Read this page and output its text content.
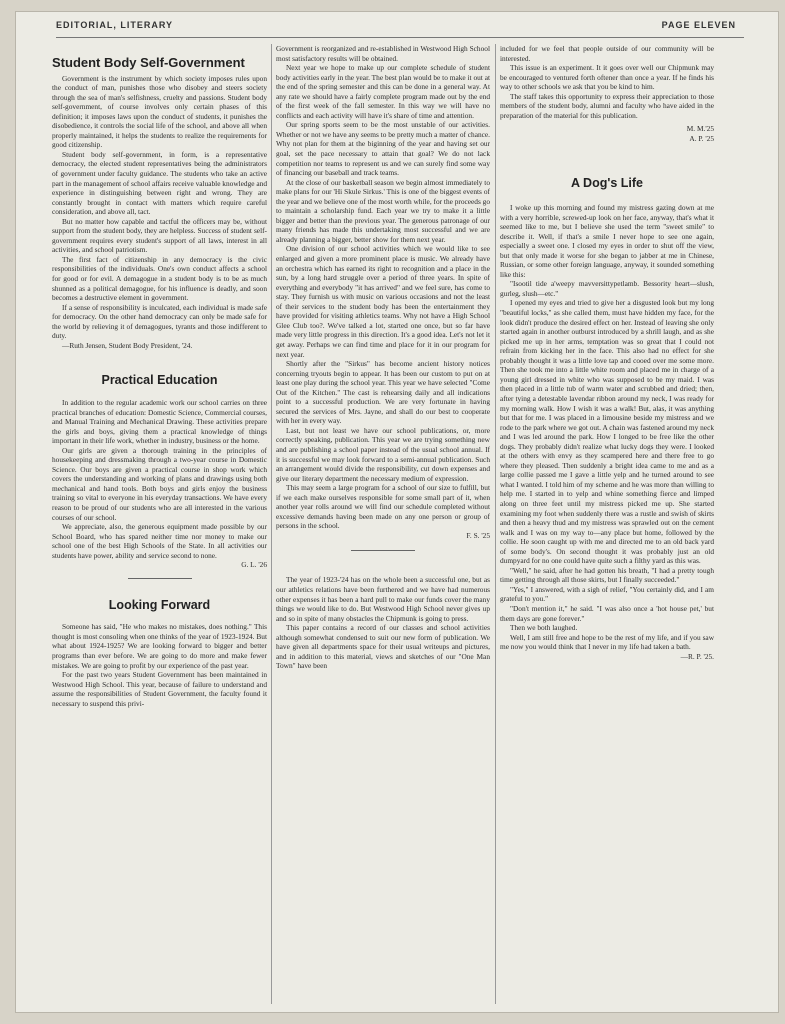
EDITORIAL, LITERARY	PAGE ELEVEN
Student Body Self-Government

Government is the instrument by which society imposes rules upon the conduct of man, punishes those who disobey and steers society through the sea of man's selfishness, cruelty and passions. Student body self-government, of course involves only certain phases of this definition; it imposes laws upon the conduct of students, it punishes the disobedience, it controls the social life of the school, and above all when properly maintained, it helps the students to realize the requirements for good citizenship.

Student body self-government, in form, is a representative democracy, the elected student representatives being the administrators of government under faculty guidance. The students who take an active part in the management of school affairs receive valuable knowledge and experience in distinguishing between right and wrong. They are constantly brought in contact with matters which require careful consideration, and above all, tact.

But no matter how capable and tactful the officers may be, without support from the student body, they are helpless. Success of student self-government requires every student's support of all laws, interest in all activities, and school patriotism.

The first fact of citizenship in any democracy is the civic responsibilities of the individuals. One's own conduct affects a school for good or for evil. A demagogue in a student body is to be as much shunned as a political demagogue, for his influence is deadly, and soon becomes a destructive element in government.

If a sense of responsibility is inculcated, each individual is made safe for democracy. On the other hand democracy can only be made safe for the world by relieving it of demagogues, tyrants and those indifferent to duty.

—Ruth Jensen, Student Body President, '24.

Practical Education

In addition to the regular academic work our school carries on three practical branches of education: Domestic Science, Commercial courses, and Manual Training and Mechanical Drawing. These activities prepare the girls and boys, giving them a practical knowledge of things important in their life work, whether in industry, business or the home.

Our girls are given a thorough training in the principles of housekeeping and dressmaking through a two-year course in Domestic Science. Our boys are given a practical course in shop work which covers the understanding and working of plans and drawings using both mechanical and hand tools. Both boys and girls enjoy the business training so vital to everyone in his everyday transactions. We have every reason to be proud of our students who are all interested in the various courses of our school.

We appreciate, also, the generous equipment made possible by our School Board, who has spared neither time nor money to make our school one of the best High Schools of the State. In all activities our students have power, ability and service second to none.

G. L. '26

Looking Forward

Someone has said, "He who makes no mistakes, does nothing." This thought is most consoling when one thinks of the year of 1923-1924. But what about 1924-1925? We are looking forward to bigger and better programs than ever before. We are going to do more and make fewer mistakes. We are going to profit by our experience of the past year.

For the past two years Student Government has been maintained in Westwood High School. This year, because of failure to understand and assume the responsibilities of Student Government, the faculty found it necessary to suspend this privi-

Government is reorganized and re-established in Westwood High School most satisfactory results will be obtained.

Next year we hope to make up our complete schedule of student body activities early in the year. The best plan would be to make it out at the end of the spring semester and this can be done in a general way. At any rate we should have a fairly complete program made out by the end of the first week of the fall semester. In this way we will have no conflicts and each activity will have it's share of time and attention.

Our spring sports seem to be the most unstable of our activities. Whether or not we have any seems to be pretty much a matter of chance. Why not plan for them at the biginning of the year and having set our goal, set the pace necessary to attain that goal? We do not lack competition nor teams to represent us and we can surely find some way of financing our baseball and track teams.

At the close of our basketball season we begin almost immediately to make plans for our 'Hi Skule Sirkus.' This is one of the biggest events of the year and we believe one of the most worth while, for the proceeds go to maintain a scholarship fund. Each year we try to make it a little bigger and better than the previous year. The generous patronage of our many friends has made this undertaking most successful and we are already planning a bigger, better show for them next year.

One division of our school activities which we would like to see enlarged and given a more prominent place is music. We already have an orchestra which has earned its right to recognition and a place in the sun, by a long hard struggle over a period of three years. In spite of everything and everybody "it has arrived" and we feel sure, has come to stay. They furnish us with music on various occasions and not the least of their services to the student body has been the entertainment they have provided for visiting athletics teams. Why not have a High School Glee Club too?. We've talked a lot, started one once, but so far have made very little progress in this direction. It's a good idea. Let's not let it get away. Perhaps we can find time and place for it in our program for next year.

Shortly after the "Sirkus" has become ancient history notices concerning tryouts begin to appear. It has been our custom to put on at least one play during the school year. This year we have selected "Come Out of the Kitchen." The cast is rehearsing daily and all indications point to a successful production. We are very fortunate in having secured the services of Mrs. Jayne, and shall do our best to cooperate with her in every way.

Last, but not least we have our school publications, or, more correctly speaking, publication. This year we are trying something new and are publishing a school paper instead of the usual school annual. If it is successful we may look forward to a semi-annual publication. Such an arrangement would divide the responsibility, cut down expenses and give our literary department the necessary medium of expression.

This may seem a large program for a school of our size to fulfill, but if we each make ourselves responsible for some small part of it, when another year rolls around we will find our schedule completed without excessive demands having been made on any one person or group of persons in the school.

F. S. '25

The year of 1923-'24 has on the whole been a successful one, but as our athletics relations have been furthered and we have had numerous other expenses it has been a hard pull to make our funds cover the many things we would like to do. But Westwood High School never gives up and so in spite of many obstacles the Chipmunk is going to press.

This paper contains a record of our classes and school activities although somewhat condensed to suit our new form of publication. We have given all departments space for their usual writeups and pictures, and in addition to this material, views and sketches of our "One Man Town" have been

included for we feel that people outside of our community will be interested.

This issue is an experiment. It it goes over well our Chipmunk may be encouraged to ventured forth oftener than once a year. If he finds his way to other schools we ask that you be kind to him.

The staff takes this opportunity to express their appreciation to those members of the student body, alumni and faculty who have aided in the preparation of the material for this publication.

M. M.'25

A. P. '25

A Dog's Life

I woke up this morning and found my mistress gazing down at me with a very horrible, screwed-up look on her face, anyway, that's what it seemed like to me, but I believe she used the term "sweet smile" to describe it. Well, if that's a smile I never hope to see one again, especially a sweet one. I closed my eyes in order to shut off the view, but that only made it worse for she began to jabber at me in Chinese, Russian, or some other foreign language, anyway, it sounded something like this:

"Isootil tide a'weepy mavversittypetlamb. Bessority heart—slush, gurleg, slush—etc."

I opened my eyes and tried to give her a disgusted look but my long "beautiful locks," as she called them, must have hidden my face, for the look didn't produce the desired effect on her. Instead of leaving she only started again in another outburst introduced by a shrill laugh, and as she picked me up in her arms, temptation was so great that I could not refrain from kicking her in the face. This also had no effect for she probably thought it was a little love tap and cooed over me some more. Then she took me into a little white room and placed me in charge of a young girl dressed in white who was supposed to be my maid. I was then placed in a little tub of warm water and scrubbed and dried; then, after tying a detestable lavendar ribbon around my neck, I was ready for my morning walk. How I wish it was a walk! But, alas, it was anything but that for me. I was placed in a limousine beside my mistress and we rode to the park where we got out. A chain was fastened around my neck and I was led around the park. How I longed to be free like the other dogs. They probably didn't realize what lucky dogs they were. I looked at the others with envy as they scampered here and there free to go where they pleased. Then suddenly a bright idea came to me and as a large collie passed me I gave a little yelp and he turned around to see what I wanted. I told him of my scheme and he was more than willing to help me. I started in to yelp and whine something fierce and limped along on three feet until my mistress picked me up. She started examining my foot when suddenly there was a rustle and swish of skirts and then a heavy thud and my mistress was sprawled out on the cement walk and I was on my way to—any place but home, followed by the collie. He soon caught up with me and directed me to an old back yard of some body's. On second thought it was probably just an old dumpyard for no one could have quite such a filthy yard as this was.

"Well," he said, after he had gotten his breath, "I had a pretty tough time getting through all those skirts, but I finally succeeded."

"Yes," I answered, with a sigh of relief, "You certainly did, and I am grateful to you."

"Don't mention it," he said. "I was also once a 'hot house pet,' but them days are gone forever."

Then we both laughed.

Well, I am still free and hope to be the rest of my life, and if you saw me now you would think that I never in my life had taken a bath.

—R. P. '25.
